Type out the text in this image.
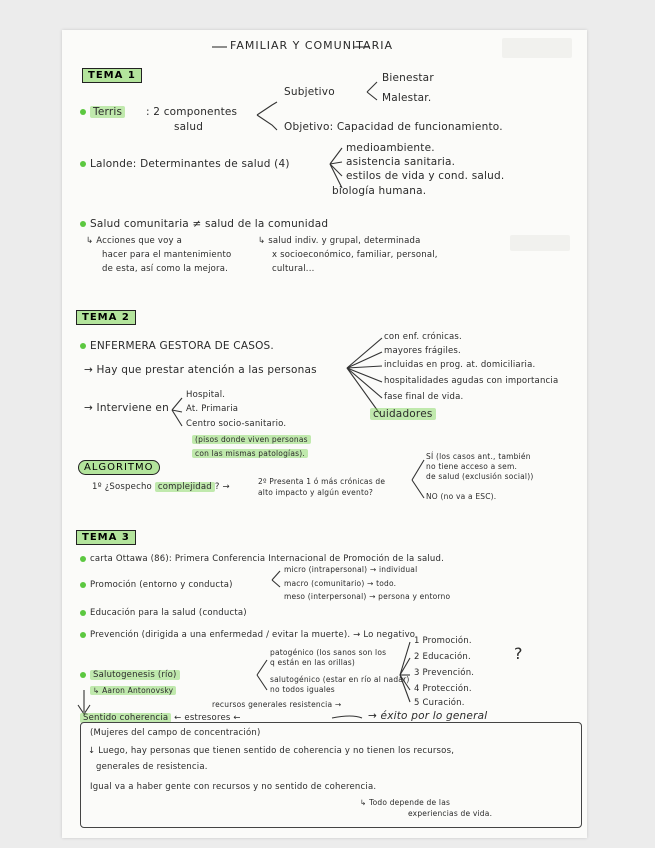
FAMILIAR Y COMUNITARIA
TEMA 1
Terris : 2 componentes
salud
Subjetivo
Bienestar
Malestar.
Objetivo: Capacidad de funcionamiento.
Lalonde: Determinantes de salud (4)
medioambiente.
asistencia sanitaria.
estilos de vida y cond. salud.
biología humana.
Salud comunitaria ≠ salud de la comunidad
↳ Acciones que voy a
hacer para el mantenimiento
de esta, así como la mejora.
↳ salud indiv. y grupal, determinada
x socioeconómico, familiar, personal,
cultural...
TEMA 2
ENFERMERA GESTORA DE CASOS.
→ Hay que prestar atención a las personas
con enf. crónicas.
mayores frágiles.
incluidas en prog. at. domiciliaria.
hospitalidades agudas con importancia
fase final de vida.
cuidadores
→ Interviene en
Hospital.
At. Primaria
Centro socio-sanitario.
(pisos donde viven personas
con las mismas patologías).
ALGORITMO
1º ¿Sospecho complejidad ? →
2º Presenta 1 ó más crónicas de
alto impacto y algún evento?
SÍ (los casos ant., también
no tiene acceso a sem.
de salud (exclusión social))
NO (no va a ESC).
TEMA 3
carta Ottawa (86): Primera Conferencia Internacional de Promoción de la salud.
Promoción (entorno y conducta)
micro (intrapersonal) → individual
macro (comunitario) → todo.
meso (interpersonal) → persona y entorno
Educación para la salud (conducta)
Prevención (dirigida a una enfermedad / evitar la muerte). → Lo negativo
Salutogenesis (río)
↳ Aaron Antonovsky
patogénico (los sanos son los
q están en las orillas)
salutogénico (estar en río al nadar)
no todos iguales
1 Promoción.
2 Educación.
3 Prevención.
4 Protección.
5 Curación.
?
recursos generales resistencia →
Sentido coherencia ← estresores ←
(Mujeres del campo de concentración)
→ éxito por lo general
↓ Luego, hay personas que tienen sentido de coherencia y no tienen los recursos,
generales de resistencia.
Igual va a haber gente con recursos y no sentido de coherencia.
↳ Todo depende de las
experiencias de vida.
